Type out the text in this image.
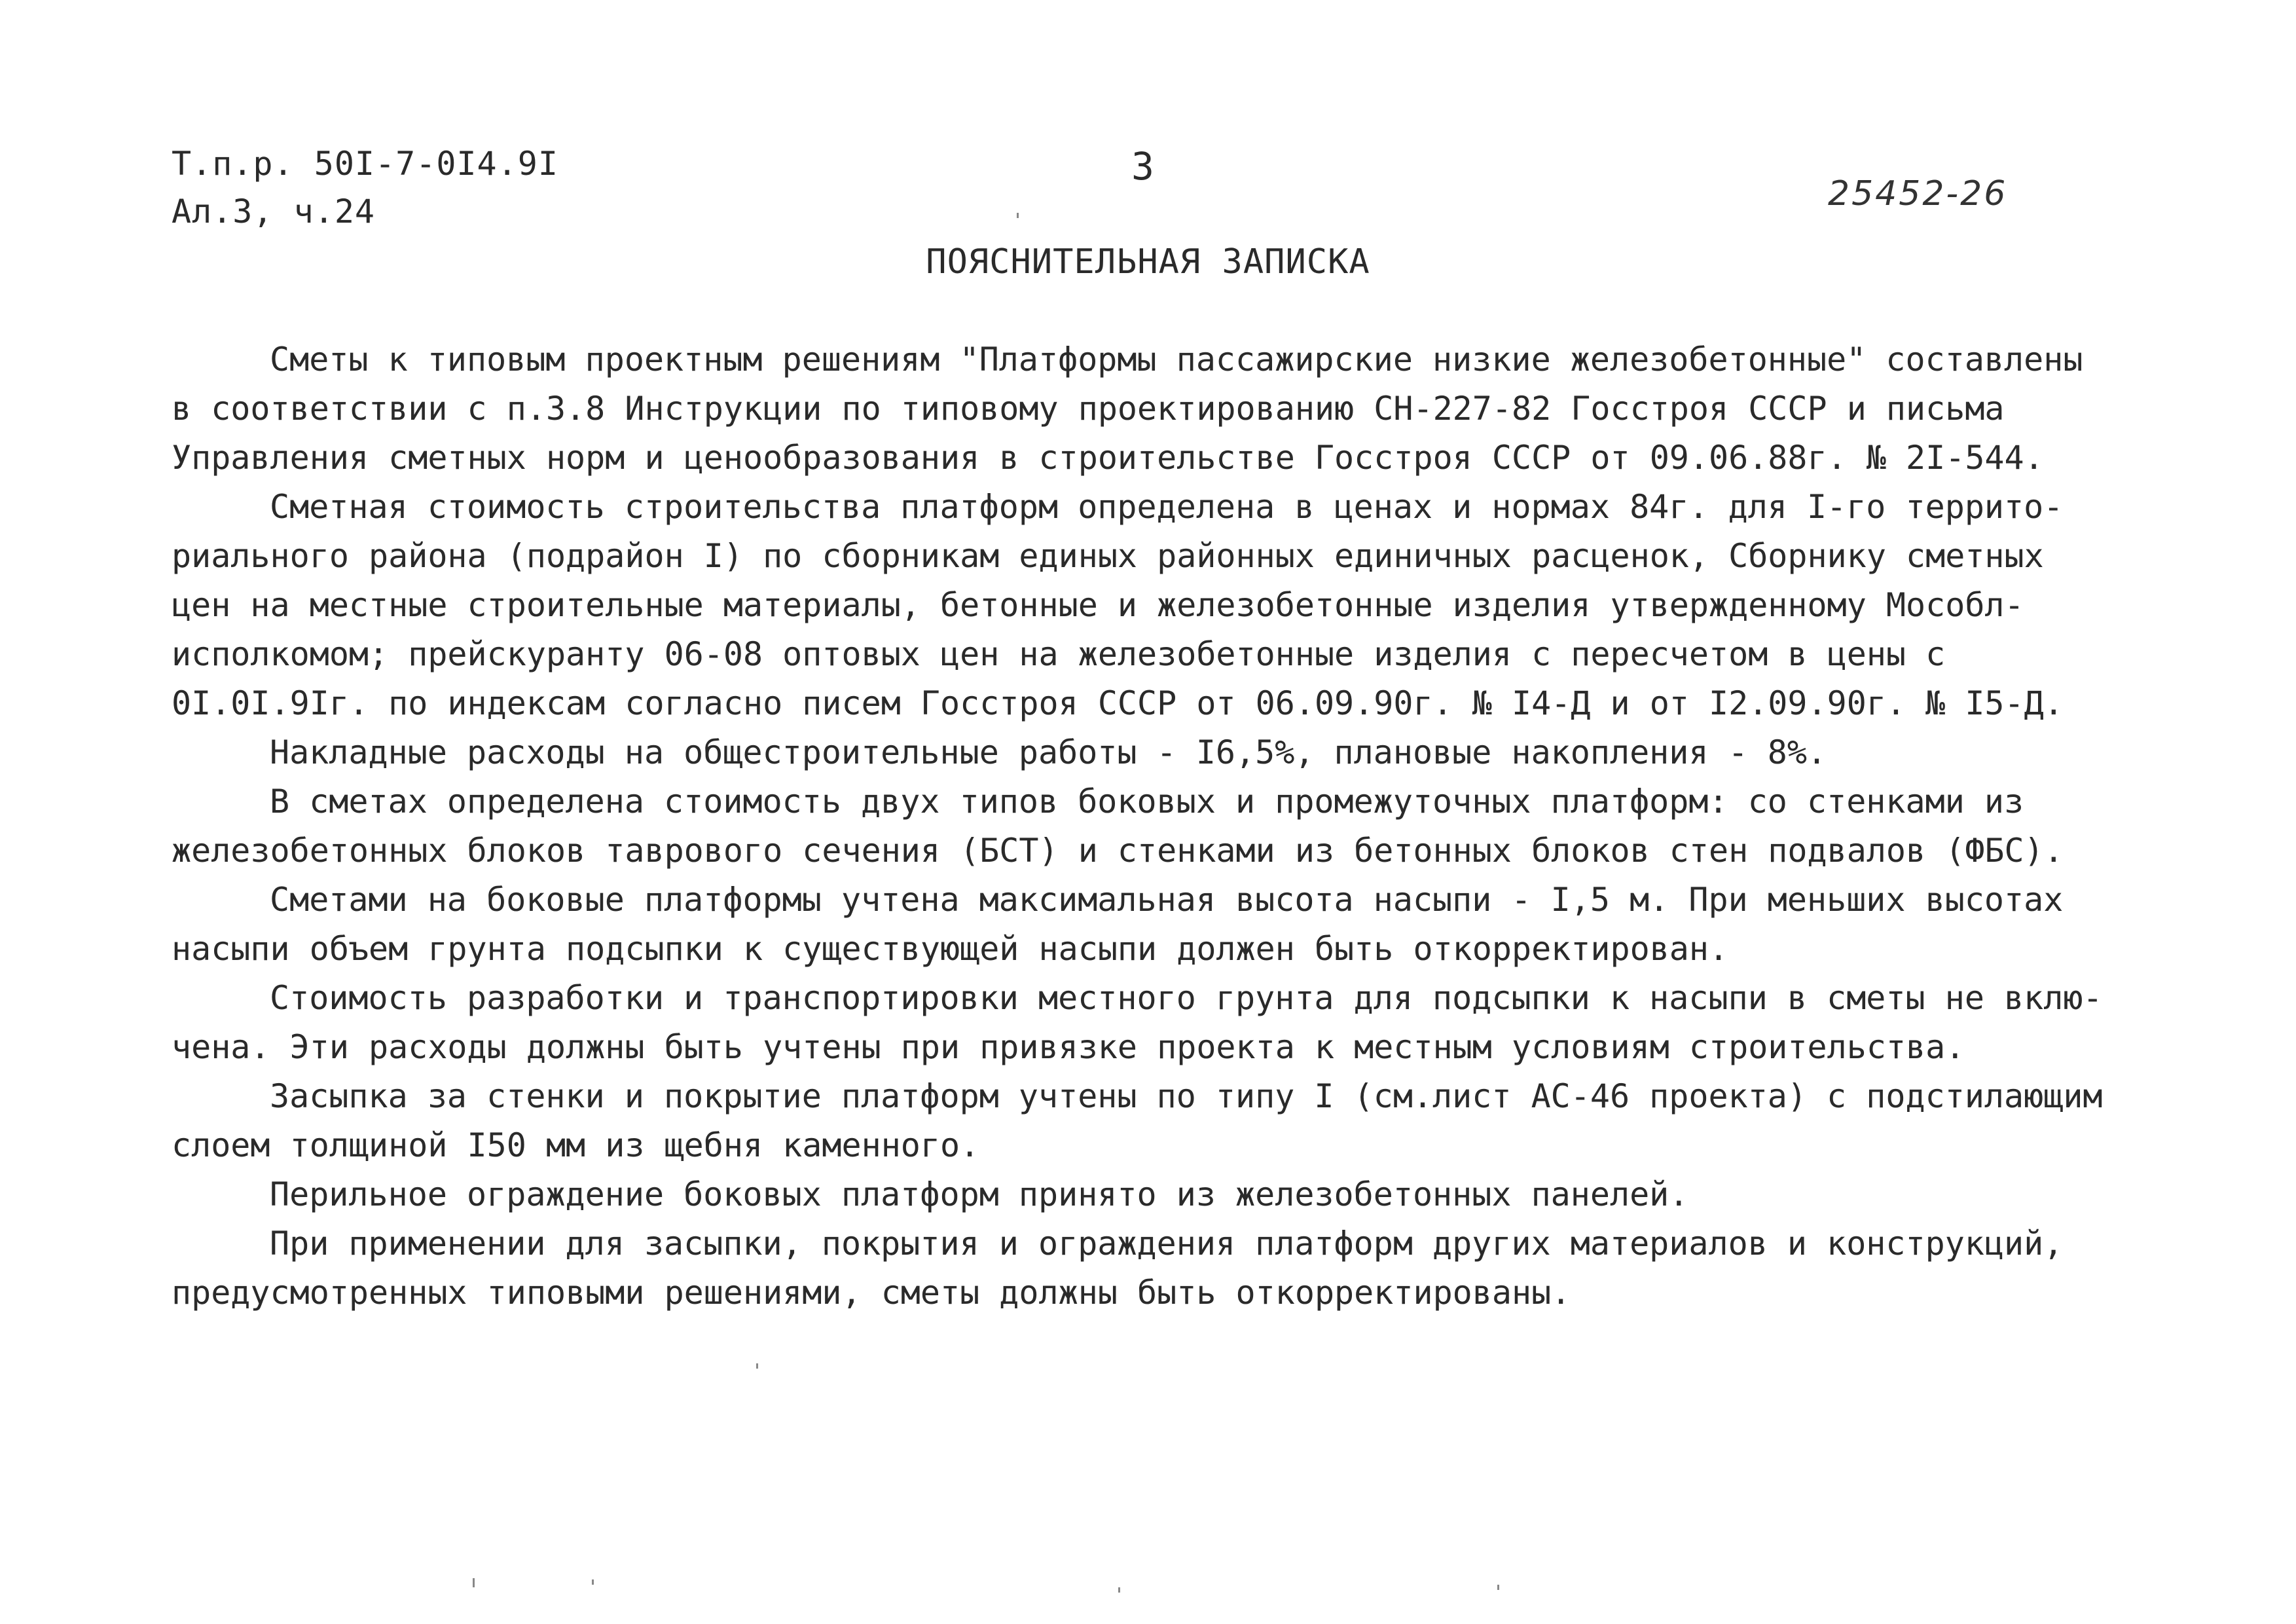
Т.п.р. 50I-7-0I4.9I
Ал.3, ч.24
3
25452-26
ПОЯСНИТЕЛЬНАЯ ЗАПИСКА

Сметы к типовым проектным решениям "Платформы пассажирские низкие железобетонные" составлены

в соответствии с п.3.8 Инструкции по типовому проектированию СН-227-82 Госстроя СССР и письма

Управления сметных норм и ценообразования в строительстве Госстроя СССР от 09.06.88г. № 2I-544.

Сметная стоимость строительства платформ определена в ценах и нормах 84г. для I-го террито-

риального района (подрайон I) по сборникам единых районных единичных расценок, Сборнику сметных

цен на местные строительные материалы, бетонные и железобетонные изделия утвержденному Мособл-

исполкомом; прейскуранту 06-08 оптовых цен на железобетонные изделия с пересчетом в цены с

0I.0I.9Iг. по индексам согласно писем Госстроя СССР от 06.09.90г. № I4-Д и от I2.09.90г. № I5-Д.

Накладные расходы на общестроительные работы - I6,5%, плановые накопления - 8%.

В сметах определена стоимость двух типов боковых и промежуточных платформ: со стенками из

железобетонных блоков таврового сечения (БСТ) и стенками из бетонных блоков стен подвалов (ФБС).

Сметами на боковые платформы учтена максимальная высота насыпи - I,5 м. При меньших высотах

насыпи объем грунта подсыпки к существующей насыпи должен быть откорректирован.

Стоимость разработки и транспортировки местного грунта для подсыпки к насыпи в сметы не вклю-

чена. Эти расходы должны быть учтены при привязке проекта к местным условиям строительства.

Засыпка за стенки и покрытие платформ учтены по типу I (см.лист АС-46 проекта) с подстилающим

слоем толщиной I50 мм из щебня каменного.

Перильное ограждение боковых платформ принято из железобетонных панелей.

При применении для засыпки, покрытия и ограждения платформ других материалов и конструкций,

предусмотренных типовыми решениями, сметы должны быть откорректированы.
